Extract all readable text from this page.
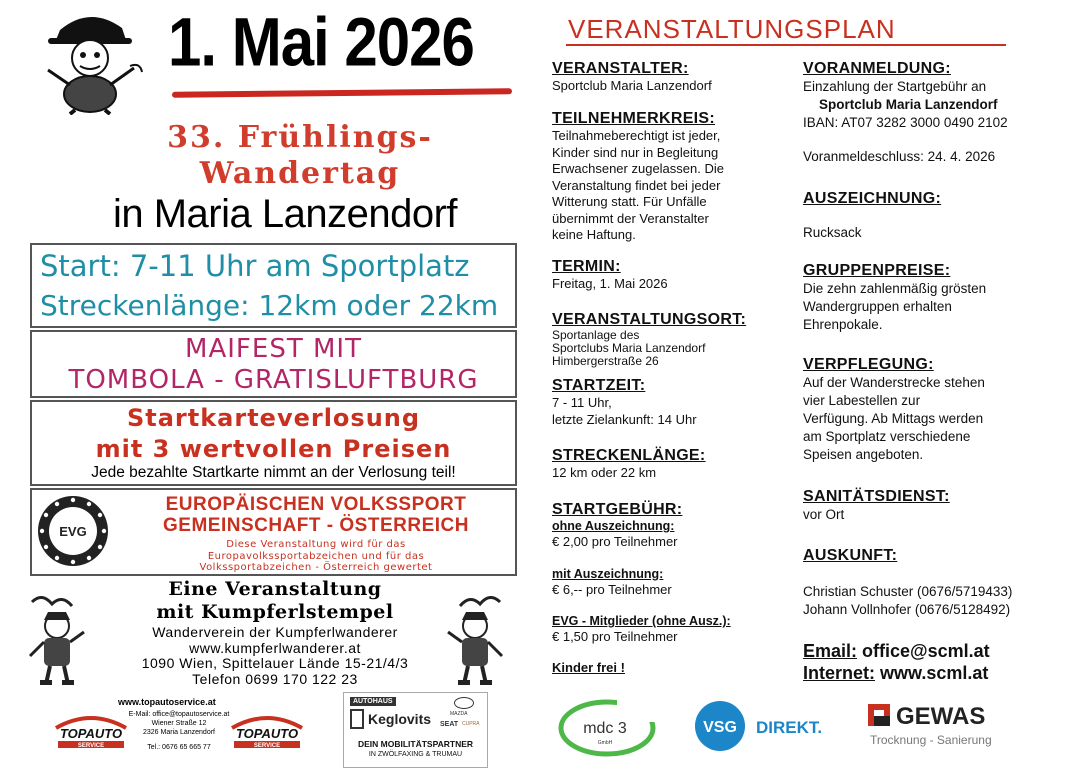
1. Mai 2026
33. Frühlings-
Wandertag
in Maria Lanzendorf
Start: 7-11 Uhr am Sportplatz
Streckenlänge: 12km oder 22km
MAIFEST MIT
TOMBOLA - GRATISLUFTBURG
Startkarteverlosung
mit 3 wertvollen Preisen
Jede bezahlte Startkarte nimmt an der Verlosung teil!
EVG
EUROPÄISCHEN VOLKSSPORT
GEMEINSCHAFT - ÖSTERREICH
Diese Veranstaltung wird für das
Europavolkssportabzeichen und für das
Volkssportabzeichen - Österreich gewertet
Eine Veranstaltung
mit Kumpferlstempel
Wanderverein der Kumpferlwanderer
www.kumpferlwanderer.at
1090 Wien, Spittelauer Lände 15-21/4/3
Telefon 0699 170 122 23
www.topautoservice.at
TOPAUTO
SERVICE
E-Mail: office@topautoservice.at
Wiener Straße 12
2326 Maria Lanzendorf
Tel.: 0676 65 665 77
TOPAUTO
SERVICE
AUTOHAUS
Keglovits	MAZDA
SEAT CUPRA
DEIN MOBILITÄTSPARTNER
IN ZWÖLFAXING & TRUMAU
VERANSTALTUNGSPLAN
VERANSTALTER:

Sportclub Maria Lanzendorf

TEILNEHMERKREIS:

Teilnahmeberechtigt ist jeder,

Kinder sind nur in Begleitung

Erwachsener zugelassen. Die

Veranstaltung findet bei jeder

Witterung statt. Für Unfälle

übernimmt der Veranstalter

keine Haftung.

TERMIN:

Freitag, 1. Mai 2026

VERANSTALTUNGSORT:

Sportanlage des

Sportclubs Maria Lanzendorf

Himbergerstraße 26

STARTZEIT:

7 - 11 Uhr,

letzte Zielankunft: 14 Uhr

STRECKENLÄNGE:

12 km oder 22 km

STARTGEBÜHR:
ohne Auszeichnung:

€ 2,00 pro Teilnehmer

mit Auszeichnung:

€ 6,-- pro Teilnehmer

EVG - Mitglieder (ohne Ausz.):

€ 1,50 pro Teilnehmer

Kinder frei !
VORANMELDUNG:

Einzahlung der Startgebühr an

Sportclub Maria Lanzendorf

IBAN: AT07 3282 3000 0490 2102

Voranmeldeschluss: 24. 4. 2026

AUSZEICHNUNG:

Rucksack

GRUPPENPREISE:

Die zehn zahlenmäßig grösten

Wandergruppen erhalten

Ehrenpokale.

VERPFLEGUNG:

Auf der Wanderstrecke stehen

vier Labestellen zur

Verfügung. Ab Mittags werden

am Sportplatz verschiedene

Speisen angeboten.

SANITÄTSDIENST:

vor Ort

AUSKUNFT:

Christian Schuster (0676/5719433)

Johann Vollnhofer (0676/5128492)

Email: office@scml.at
Internet: www.scml.at
mdc 3
GmbH
VSG DIREKT.	GEWAS
Trocknung - Sanierung
